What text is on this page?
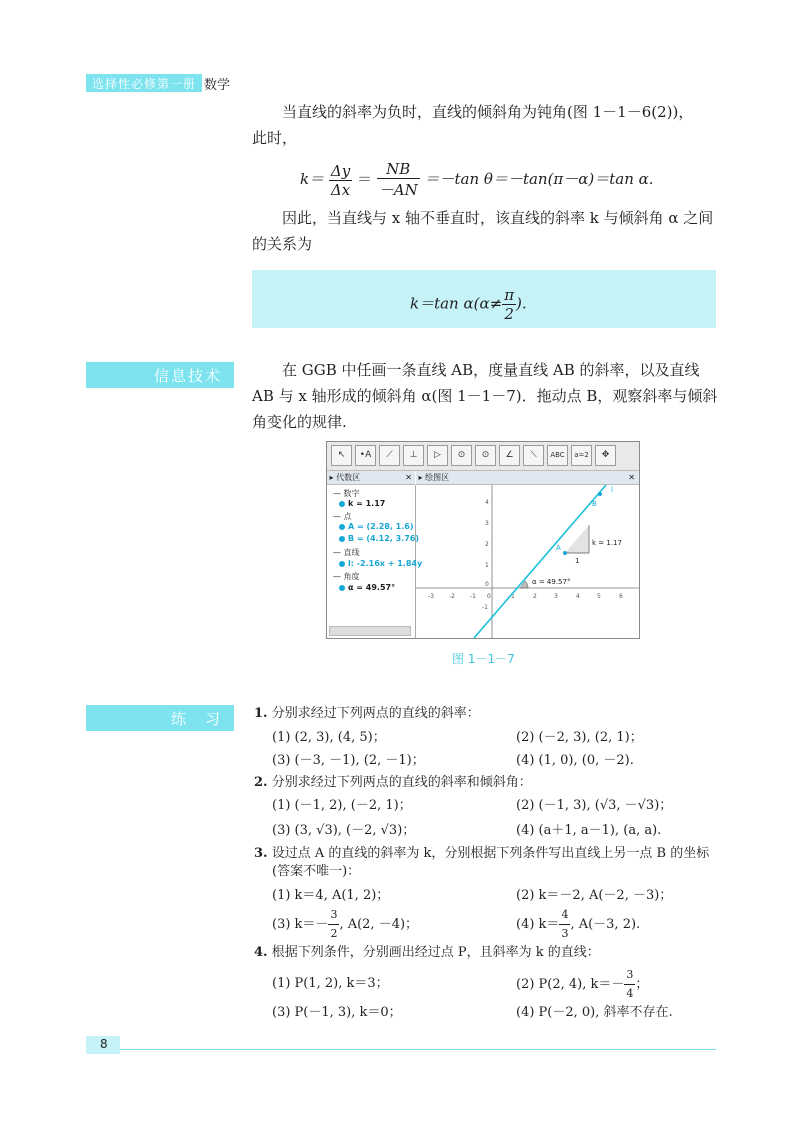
选择性必修第一册 数学
当直线的斜率为负时，直线的倾斜角为钝角(图 1－1－6(2))，
此时，
$k= \frac{\Delta y}{\Delta x} = \frac{NB}{-AN} =-\tan$ θ＝－tan(π－α)＝tan α.
因此，当直线与 x 轴不垂直时，该直线的斜率 k 与倾斜角 α 之间
的关系为
k＝tan $\alpha(\alpha\ne \frac{\pi}{2}$ ).
信息技术	在 GGB 中任画一条直线 AB，度量直线 AB 的斜率，以及直线
AB 与 x 轴形成的倾斜角 α(图 1－1－7)．拖动点 B，观察斜率与倾斜
角变化的规律.
↖	•A	⟋	⊥	▷	⊙	⊙	∠	⟍	ABC	a=2	✥
▸ 代数区	✕ ▸ 绘图区	✕
— 数字
k = 1.17
— 点
A = (2.28, 1.6)
B = (4.12, 3.76)
— 直线
l: -2.16x + 1.84y
— 角度
α = 49.57°
-3	-2	-1 0	1	2	3	4	5	6
4
3
2
1
0
-1
k = 1.17
1
α = 49.57°
A
B
l
图 1－1－7
练　习 1. 分别求经过下列两点的直线的斜率：
(1) (2, 3), (4, 5)；	(2) (－2, 3), (2, 1)；
(3) (－3, －1), (2, －1)；	(4) (1, 0), (0, －2).
2. 分别求经过下列两点的直线的斜率和倾斜角：
(1) (－1, 2), (－2, 1)；	(2) (－1, 3), (√3, －√3)；
(3) (3, √3), (－2, √3)；	(4) (a＋1, a－1), (a, a).
3. 设过点 A 的直线的斜率为 k，分别根据下列条件写出直线上另一点 B 的坐标
(答案不唯一)：
(1) k＝4, A(1, 2)；	(2) k＝－2, A(－2, －3)；
(3) $k=- \frac{3}{2}$ , A(2, －4)；	(4) $k= \frac{4}{3}$ , A(－3, 2).
4. 根据下列条件，分别画出经过点 P，且斜率为 k 的直线：
(1) P(1, 2), k＝3；	(2) P(2, 4), $k=- \frac{3}{4}$ ；
(3) P(－1, 3), k＝0；	(4) P(－2, 0), 斜率不存在.
8
